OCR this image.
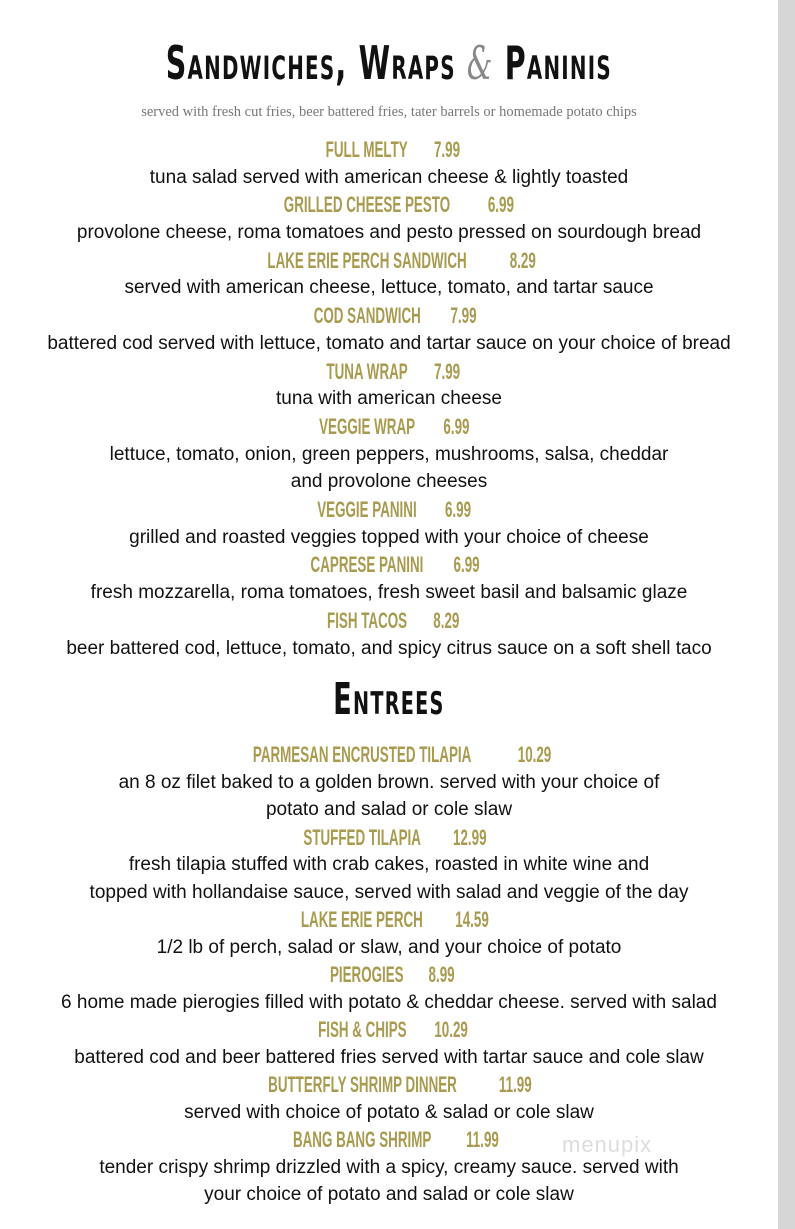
Sandwiches, Wraps & Paninis
served with fresh cut fries, beer battered fries, tater barrels or homemade potato chips
FULL MELTY 7.99
tuna salad served with american cheese & lightly toasted
GRILLED CHEESE PESTO 6.99
provolone cheese, roma tomatoes and pesto pressed on sourdough bread
LAKE ERIE PERCH SANDWICH 8.29
served with american cheese, lettuce, tomato, and tartar sauce
COD SANDWICH 7.99
battered cod served with lettuce, tomato and tartar sauce on your choice of bread
TUNA WRAP 7.99
tuna with american cheese
VEGGIE WRAP 6.99
lettuce, tomato, onion, green peppers, mushrooms, salsa, cheddar
and provolone cheeses
VEGGIE PANINI 6.99
grilled and roasted veggies topped with your choice of cheese
CAPRESE PANINI 6.99
fresh mozzarella, roma tomatoes, fresh sweet basil and balsamic glaze
FISH TACOS 8.29
beer battered cod, lettuce, tomato, and spicy citrus sauce on a soft shell taco
Entrees
PARMESAN ENCRUSTED TILAPIA 10.29
an 8 oz filet baked to a golden brown. served with your choice of
potato and salad or cole slaw
STUFFED TILAPIA 12.99
fresh tilapia stuffed with crab cakes, roasted in white wine and
topped with hollandaise sauce, served with salad and veggie of the day
LAKE ERIE PERCH 14.59
1/2 lb of perch, salad or slaw, and your choice of potato
PIEROGIES 8.99
6 home made pierogies filled with potato & cheddar cheese. served with salad
FISH & CHIPS 10.29
battered cod and beer battered fries served with tartar sauce and cole slaw
BUTTERFLY SHRIMP DINNER 11.99
served with choice of potato & salad or cole slaw
BANG BANG SHRIMP 11.99
tender crispy shrimp drizzled with a spicy, creamy sauce. served with
your choice of potato and salad or cole slaw
menupix
